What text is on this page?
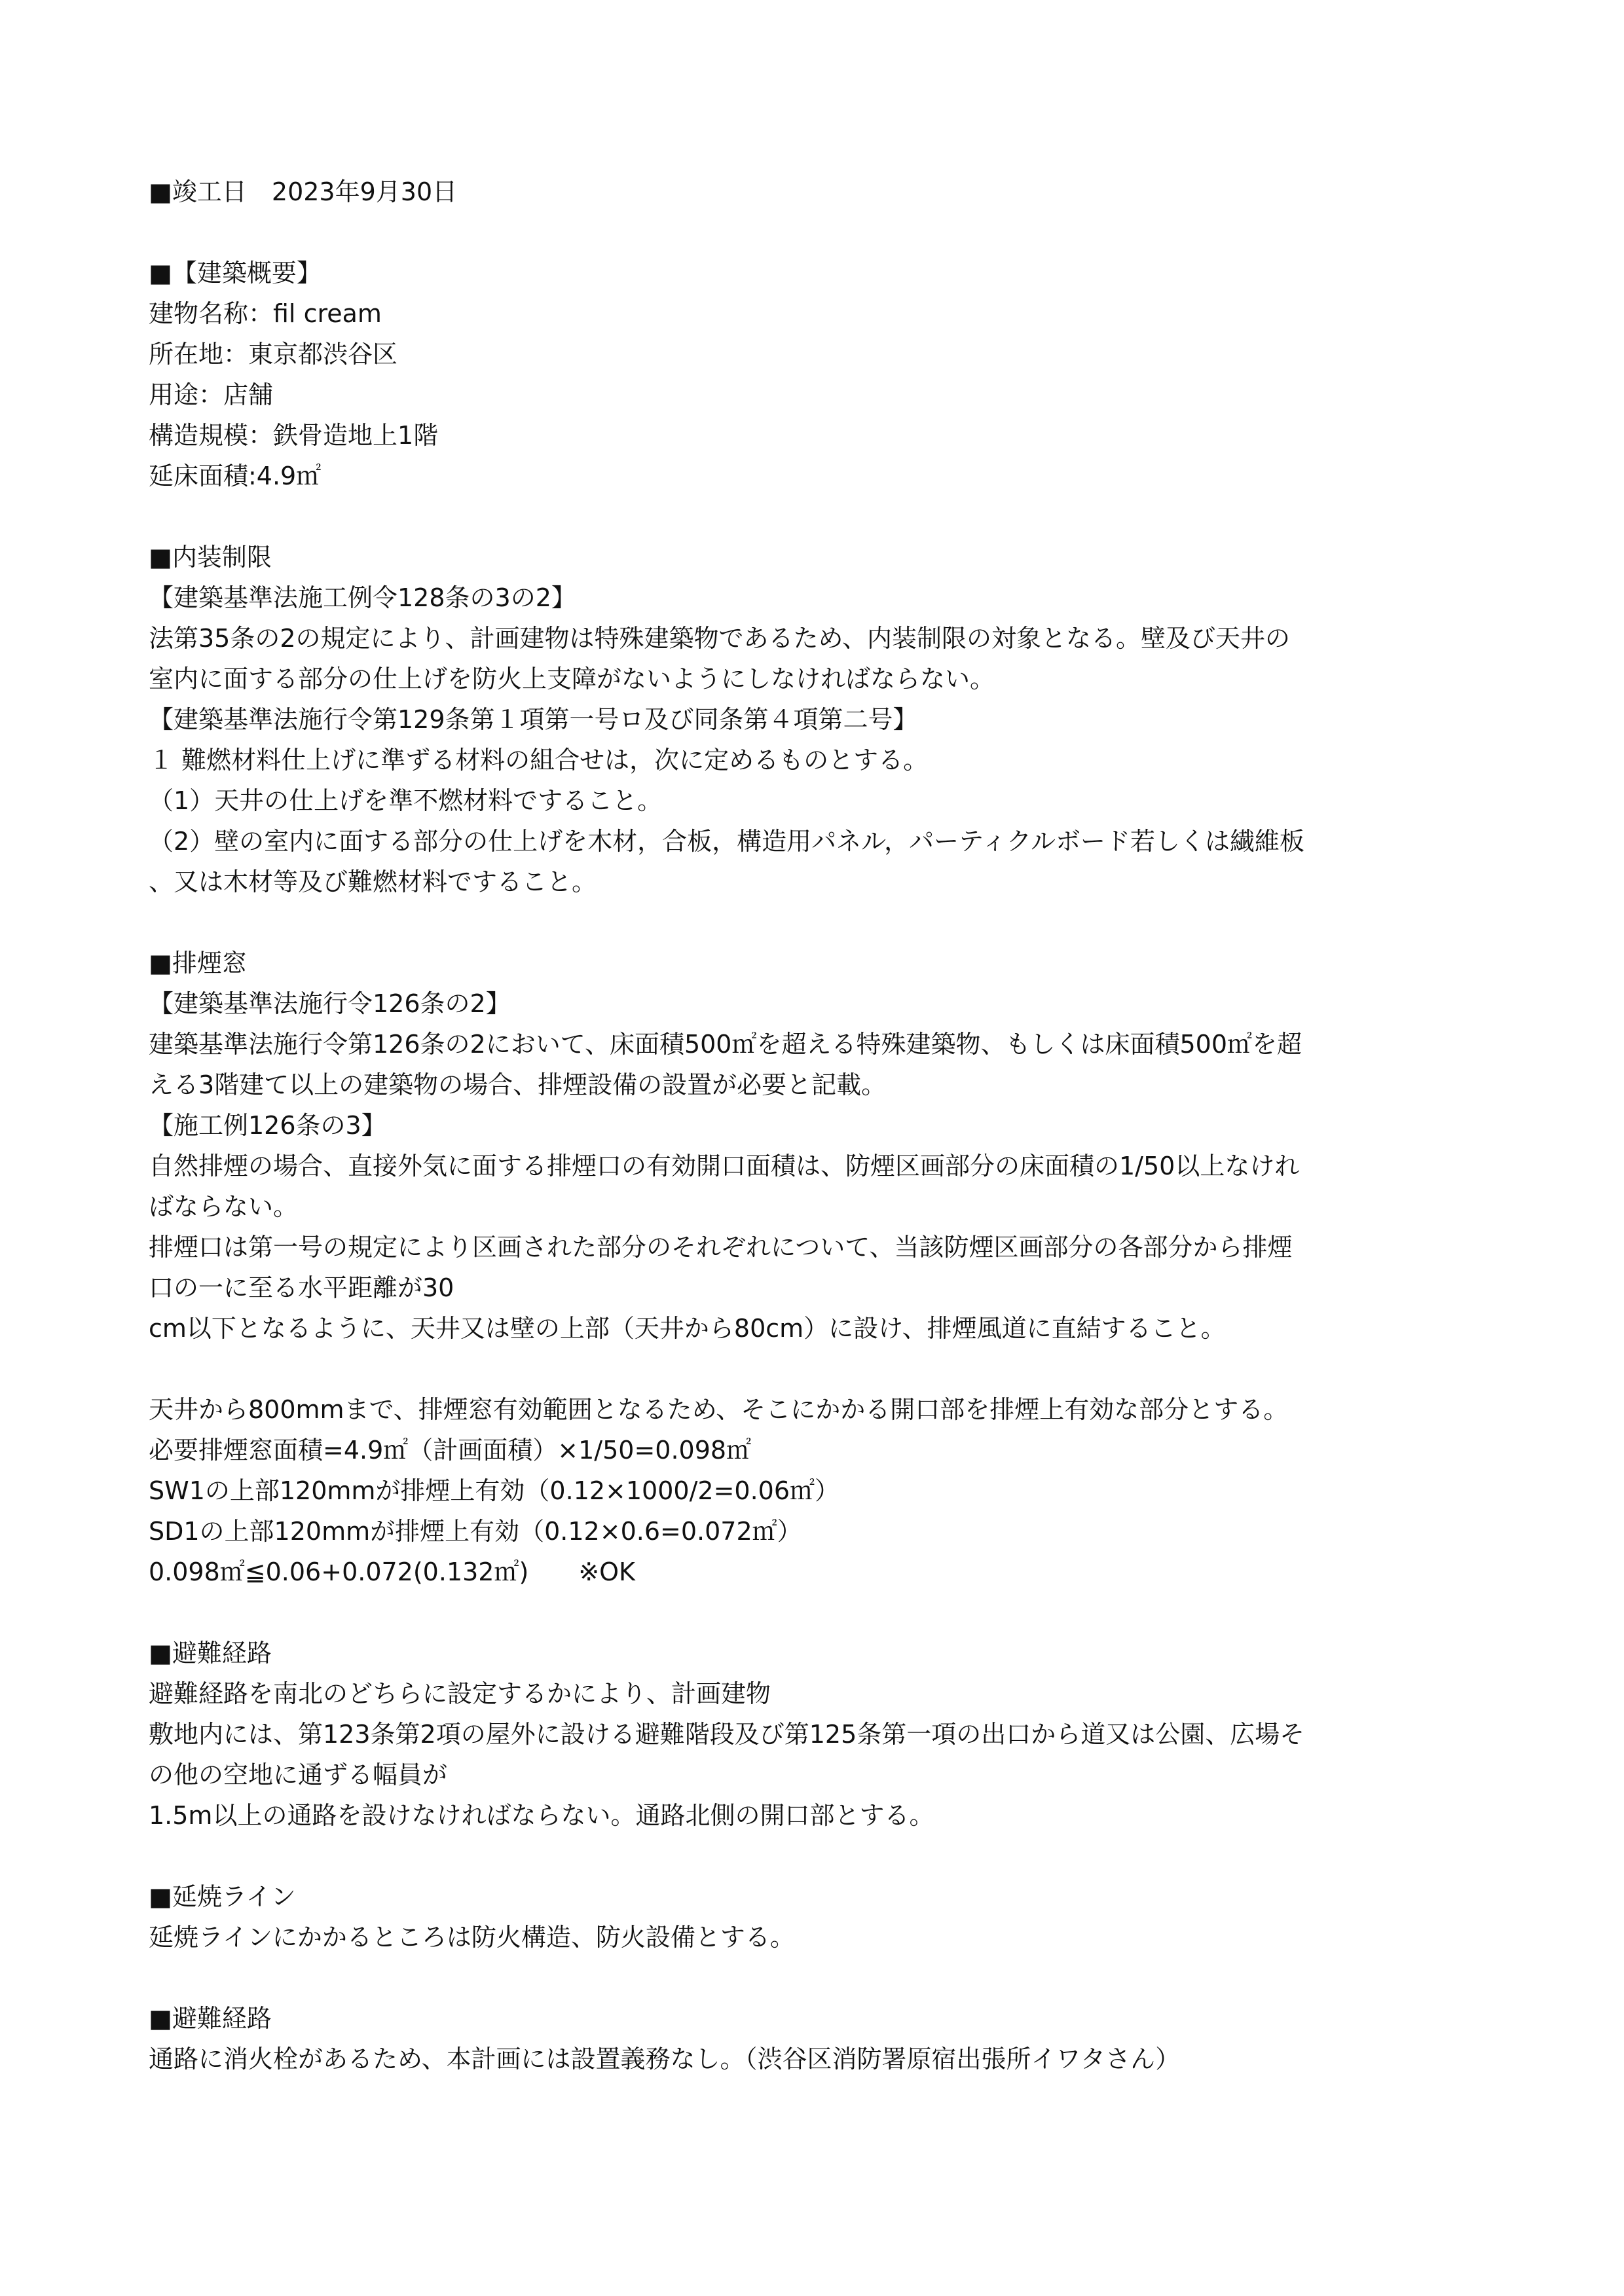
■竣工日　2023年9月30日
■【建築概要】
建物名称：fil cream
所在地：東京都渋谷区
用途：店舗
構造規模：鉄骨造地上1階
延床面積:4.9㎡
■内装制限
【建築基準法施工例令128条の3の2】
法第35条の2の規定により、計画建物は特殊建築物であるため、内装制限の対象となる。壁及び天井の
室内に面する部分の仕上げを防火上支障がないようにしなければならない。
【建築基準法施行令第129条第１項第一号ロ及び同条第４項第二号】
１ 難燃材料仕上げに準ずる材料の組合せは，次に定めるものとする。
（1）天井の仕上げを準不燃材料ですること。
（2）壁の室内に面する部分の仕上げを木材，合板，構造用パネル，パーティクルボード若しくは繊維板
、又は木材等及び難燃材料ですること。
■排煙窓
【建築基準法施行令126条の2】
建築基準法施行令第126条の2において、床面積500㎡を超える特殊建築物、もしくは床面積500㎡を超
える3階建て以上の建築物の場合、排煙設備の設置が必要と記載。
【施工例126条の3】
自然排煙の場合、直接外気に面する排煙口の有効開口面積は、防煙区画部分の床面積の1/50以上なけれ
ばならない。
排煙口は第一号の規定により区画された部分のそれぞれについて、当該防煙区画部分の各部分から排煙
口の一に至る水平距離が30
cm以下となるように、天井又は壁の上部（天井から80cm）に設け、排煙風道に直結すること。
天井から800mmまで、排煙窓有効範囲となるため、そこにかかる開口部を排煙上有効な部分とする。
必要排煙窓面積=4.9㎡（計画面積）×1/50=0.098㎡
SW1の上部120mmが排煙上有効（0.12×1000/2=0.06㎡）
SD1の上部120mmが排煙上有効（0.12×0.6=0.072㎡）
0.098㎡≦0.06+0.072(0.132㎡)　　※OK
■避難経路
避難経路を南北のどちらに設定するかにより、計画建物
敷地内には、第123条第2項の屋外に設ける避難階段及び第125条第一項の出口から道又は公園、広場そ
の他の空地に通ずる幅員が
1.5m以上の通路を設けなければならない。通路北側の開口部とする。
■延焼ライン
延焼ラインにかかるところは防火構造、防火設備とする。
■避難経路
通路に消火栓があるため、本計画には設置義務なし。（渋谷区消防署原宿出張所イワタさん）
